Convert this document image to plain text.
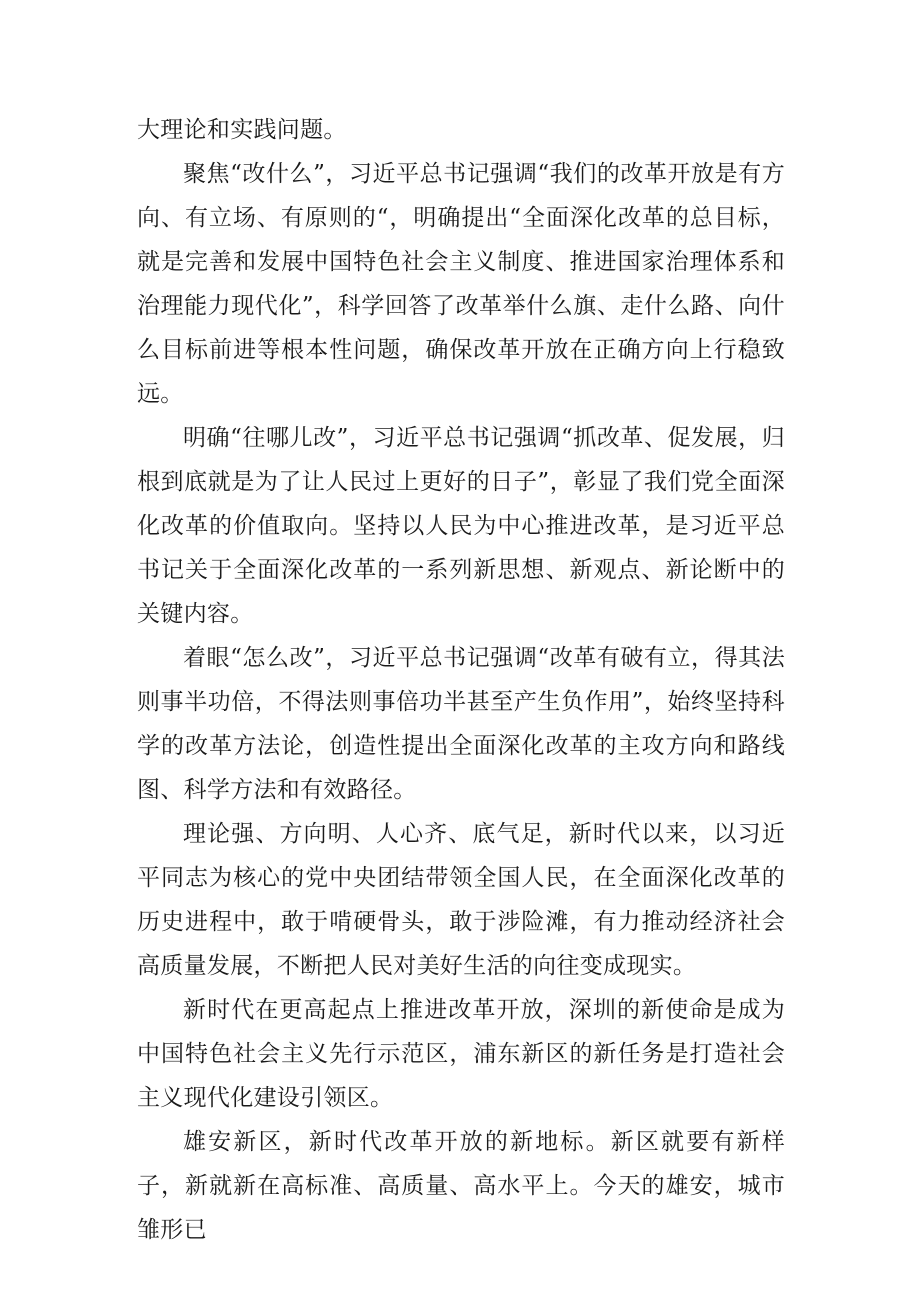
大理论和实践问题。

聚焦“改什么”，习近平总书记强调“我们的改革开放是有方向、有立场、有原则的“，明确提出“全面深化改革的总目标，就是完善和发展中国特色社会主义制度、推进国家治理体系和治理能力现代化”，科学回答了改革举什么旗、走什么路、向什么目标前进等根本性问题，确保改革开放在正确方向上行稳致远。

明确“往哪儿改”，习近平总书记强调“抓改革、促发展，归根到底就是为了让人民过上更好的日子”，彰显了我们党全面深化改革的价值取向。坚持以人民为中心推进改革，是习近平总书记关于全面深化改革的一系列新思想、新观点、新论断中的关键内容。

着眼“怎么改”，习近平总书记强调“改革有破有立，得其法则事半功倍，不得法则事倍功半甚至产生负作用”，始终坚持科学的改革方法论，创造性提出全面深化改革的主攻方向和路线图、科学方法和有效路径。

理论强、方向明、人心齐、底气足，新时代以来，以习近平同志为核心的党中央团结带领全国人民，在全面深化改革的历史进程中，敢于啃硬骨头，敢于涉险滩，有力推动经济社会高质量发展，不断把人民对美好生活的向往变成现实。

新时代在更高起点上推进改革开放，深圳的新使命是成为中国特色社会主义先行示范区，浦东新区的新任务是打造社会主义现代化建设引领区。

雄安新区，新时代改革开放的新地标。新区就要有新样子，新就新在高标准、高质量、高水平上。今天的雄安，城市雏形已
